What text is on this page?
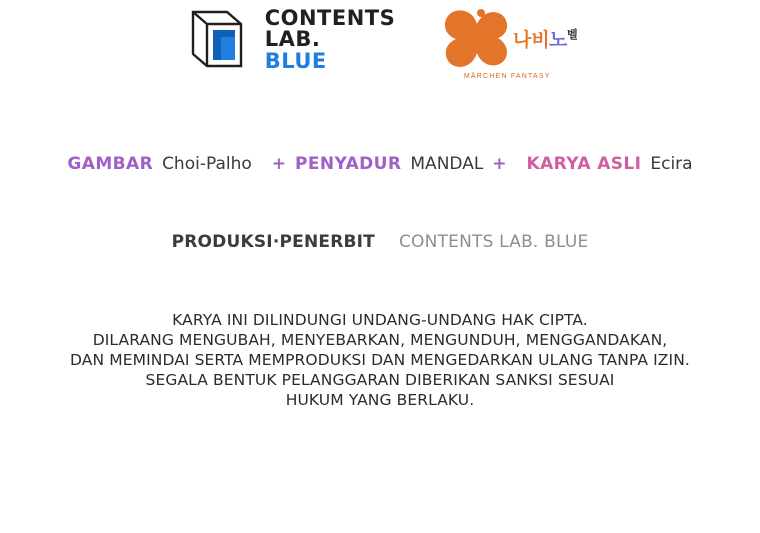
CONTENTS
LAB.
BLUE
나비 노 벨
MÄRCHEN FANTASY
GAMBAR Choi-Palho + PENYADUR MANDAL + KARYA ASLI Ecira
PRODUKSI·PENERBIT CONTENTS LAB. BLUE

KARYA INI DILINDUNGI UNDANG-UNDANG HAK CIPTA.

DILARANG MENGUBAH, MENYEBARKAN, MENGUNDUH, MENGGANDAKAN,

DAN MEMINDAI SERTA MEMPRODUKSI DAN MENGEDARKAN ULANG TANPA IZIN.

SEGALA BENTUK PELANGGARAN DIBERIKAN SANKSI SESUAI

HUKUM YANG BERLAKU.
